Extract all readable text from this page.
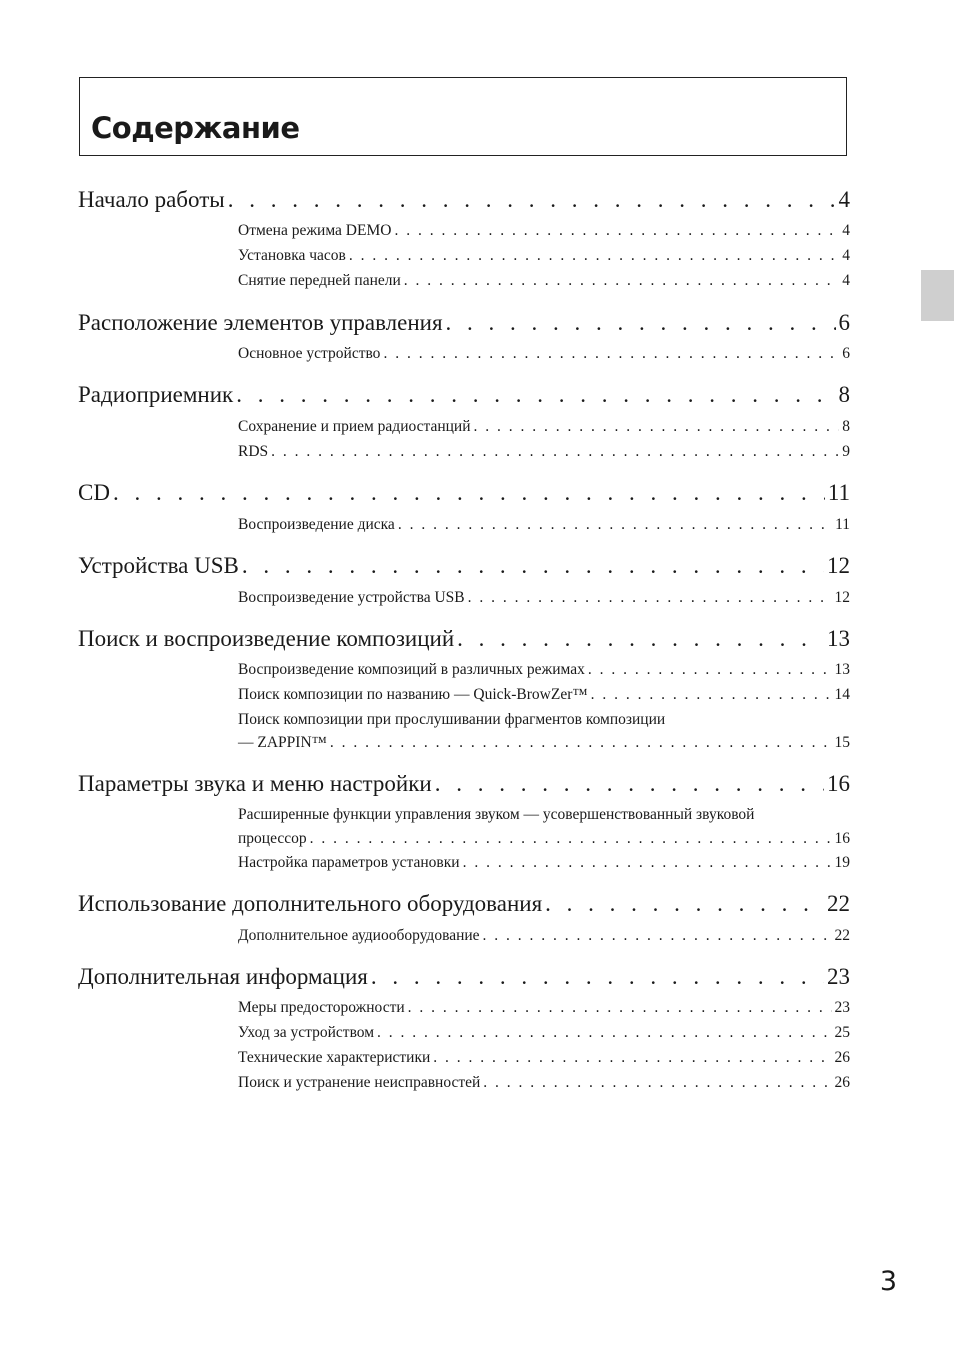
Содержание
Начало работы . . .	4
Отмена режима DEMO . . .	4
Установка часов . . .	4
Снятие передней панели . . .	4
Расположение элементов управления . . .	6
Основное устройство . . .	6
Радиоприемник . . .	8
Сохранение и прием радиостанций . . .	8
RDS . . .	9
CD . . .	11
Воспроизведение диска . . .	11
Устройства USB . . .	12
Воспроизведение устройства USB . . .	12
Поиск и воспроизведение композиций . . .	13
Воспроизведение композиций в различных режимах . . .	13
Поиск композиции по названию — Quick-BrowZer™ . . .	14
Поиск композиции при прослушивании фрагментов композиции
— ZAPPIN™ . . .	15
Параметры звука и меню настройки . . .	16
Расширенные функции управления звуком — усовершенствованный звуковой
процессор . . .	16
Настройка параметров установки . . .	19
Использование дополнительного оборудования . . .	22
Дополнительное аудиооборудование . . .	22
Дополнительная информация . . .	23
Меры предосторожности . . .	23
Уход за устройством . . .	25
Технические характеристики . . .	26
Поиск и устранение неисправностей . . .	26
3
